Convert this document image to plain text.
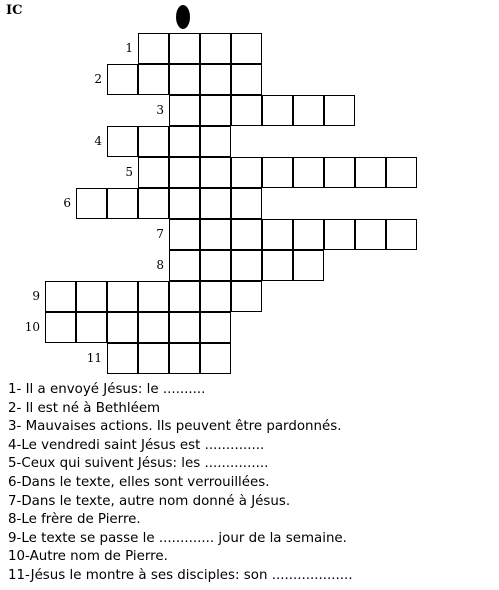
IC
1
2
3
4
5
6
7
8
9
10
11
1- Il a envoyé Jésus: le ..........
2- Il est né à Bethléem
3- Mauvaises actions. Ils peuvent être pardonnés.
4-Le vendredi saint Jésus est ..............
5-Ceux qui suivent Jésus: les ...............
6-Dans le texte, elles sont verrouillées.
7-Dans le texte, autre nom donné à Jésus.
8-Le frère de Pierre.
9-Le texte se passe le ............. jour de la semaine.
10-Autre nom de Pierre.
11-Jésus le montre à ses disciples: son ...................
